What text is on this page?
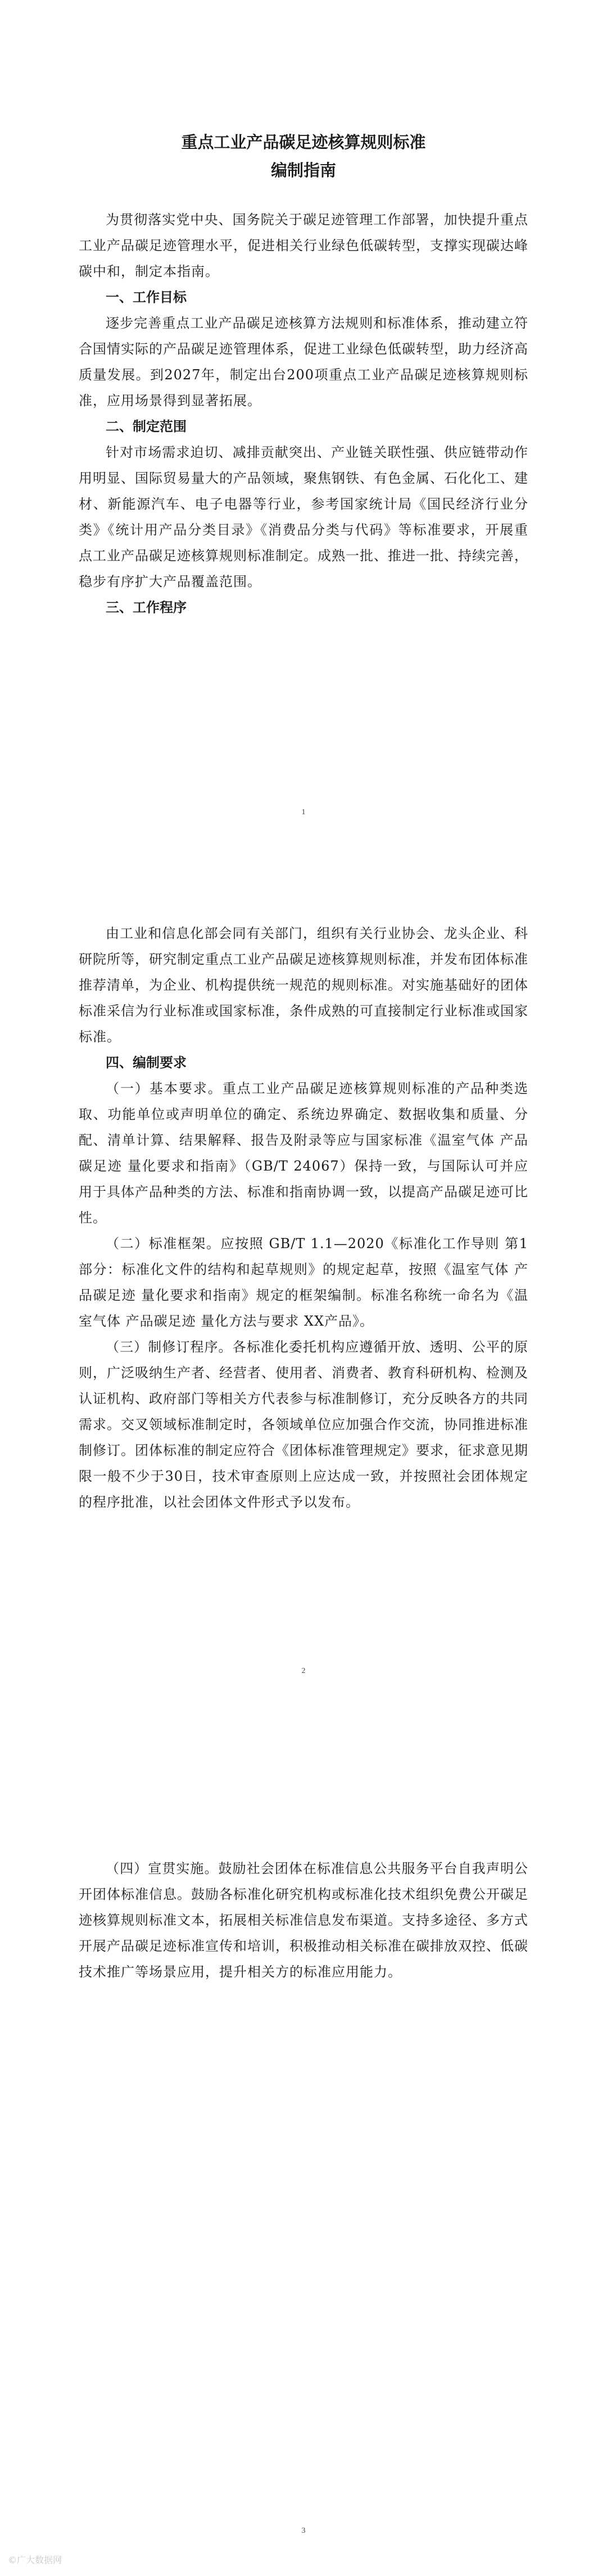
重点工业产品碳足迹核算规则标准

编制指南

为贯彻落实党中央、国务院关于碳足迹管理工作部署，加快提升重点工业产品碳足迹管理水平，促进相关行业绿色低碳转型，支撑实现碳达峰碳中和，制定本指南。

一、工作目标

逐步完善重点工业产品碳足迹核算方法规则和标准体系，推动建立符合国情实际的产品碳足迹管理体系，促进工业绿色低碳转型，助力经济高质量发展。到2027年，制定出台200项重点工业产品碳足迹核算规则标准，应用场景得到显著拓展。

二、制定范围

针对市场需求迫切、减排贡献突出、产业链关联性强、供应链带动作用明显、国际贸易量大的产品领域，聚焦钢铁、有色金属、石化化工、建材、新能源汽车、电子电器等行业，参考国家统计局《国民经济行业分类》《统计用产品分类目录》《消费品分类与代码》等标准要求，开展重点工业产品碳足迹核算规则标准制定。成熟一批、推进一批、持续完善，稳步有序扩大产品覆盖范围。

三、工作程序

1

由工业和信息化部会同有关部门，组织有关行业协会、龙头企业、科研院所等，研究制定重点工业产品碳足迹核算规则标准，并发布团体标准推荐清单，为企业、机构提供统一规范的规则标准。对实施基础好的团体标准采信为行业标准或国家标准，条件成熟的可直接制定行业标准或国家标准。

四、编制要求

（一）基本要求。重点工业产品碳足迹核算规则标准的产品种类选取、功能单位或声明单位的确定、系统边界确定、数据收集和质量、分配、清单计算、结果解释、报告及附录等应与国家标准《温室气体 产品碳足迹 量化要求和指南》（GB/T 24067）保持一致，与国际认可并应用于具体产品种类的方法、标准和指南协调一致，以提高产品碳足迹可比性。

（二）标准框架。应按照 GB/T 1.1—2020《标准化工作导则 第1部分：标准化文件的结构和起草规则》的规定起草，按照《温室气体 产品碳足迹 量化要求和指南》规定的框架编制。标准名称统一命名为《温室气体 产品碳足迹 量化方法与要求 XX产品》。

（三）制修订程序。各标准化委托机构应遵循开放、透明、公平的原则，广泛吸纳生产者、经营者、使用者、消费者、教育科研机构、检测及认证机构、政府部门等相关方代表参与标准制修订，充分反映各方的共同需求。交叉领域标准制定时，各领域单位应加强合作交流，协同推进标准制修订。团体标准的制定应符合《团体标准管理规定》要求，征求意见期限一般不少于30日，技术审查原则上应达成一致，并按照社会团体规定的程序批准，以社会团体文件形式予以发布。

2

（四）宣贯实施。鼓励社会团体在标准信息公共服务平台自我声明公开团体标准信息。鼓励各标准化研究机构或标准化技术组织免费公开碳足迹核算规则标准文本，拓展相关标准信息发布渠道。支持多途径、多方式开展产品碳足迹标准宣传和培训，积极推动相关标准在碳排放双控、低碳技术推广等场景应用，提升相关方的标准应用能力。

3
©广大数据网
